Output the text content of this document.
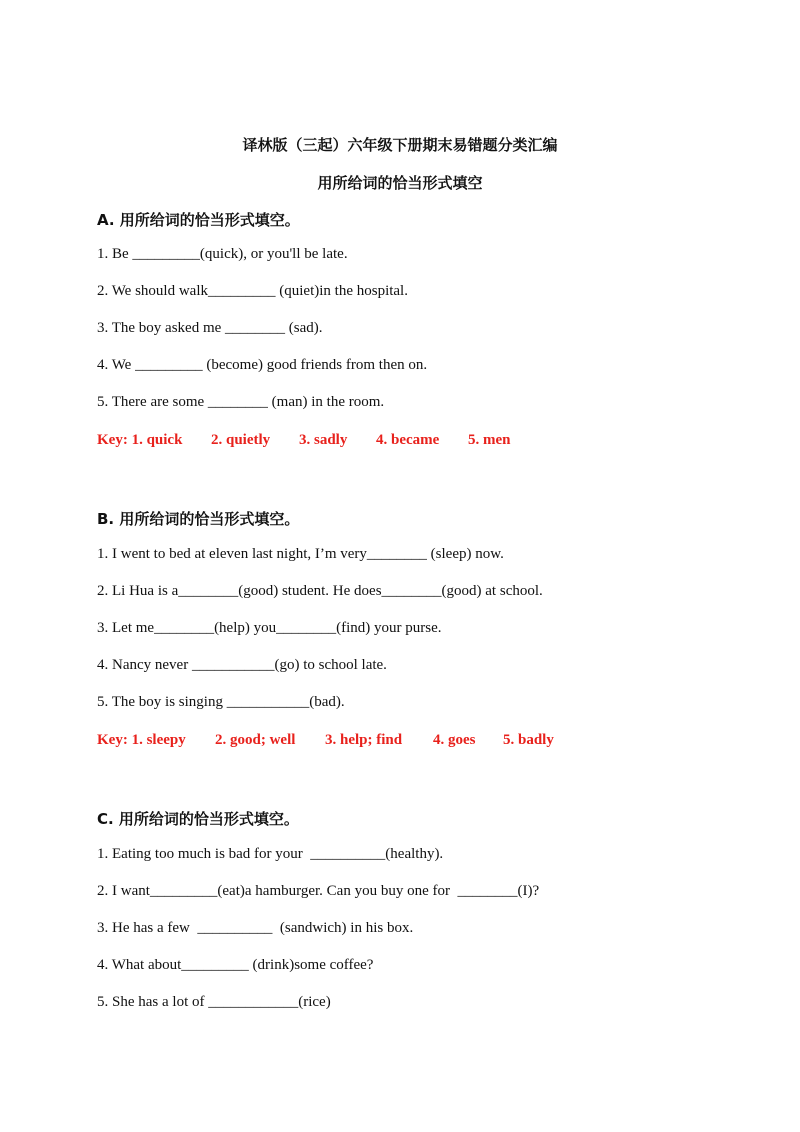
译林版（三起）六年级下册期末易错题分类汇编
用所给词的恰当形式填空
A. 用所给词的恰当形式填空。
1. Be _________(quick), or you'll be late.
2. We should walk_________ (quiet)in the hospital.
3. The boy asked me ________ (sad).
4. We _________ (become) good friends from then on.
5. There are some ________ (man) in the room.
Key: 1. quick 2. quietly 3. sadly 4. became 5. men
B. 用所给词的恰当形式填空。
1. I went to bed at eleven last night, I’m very________ (sleep) now.
2. Li Hua is a________(good) student. He does________(good) at school.
3. Let me________(help) you________(find) your purse.
4. Nancy never ___________(go) to school late.
5. The boy is singing ___________(bad).
Key: 1. sleepy 2. good; well 3. help; find 4. goes 5. badly
C. 用所给词的恰当形式填空。
1. Eating too much is bad for your  __________(healthy).
2. I want_________(eat)a hamburger. Can you buy one for  ________(I)?
3. He has a few  __________  (sandwich) in his box.
4. What about_________ (drink)some coffee?
5. She has a lot of ____________(rice)
